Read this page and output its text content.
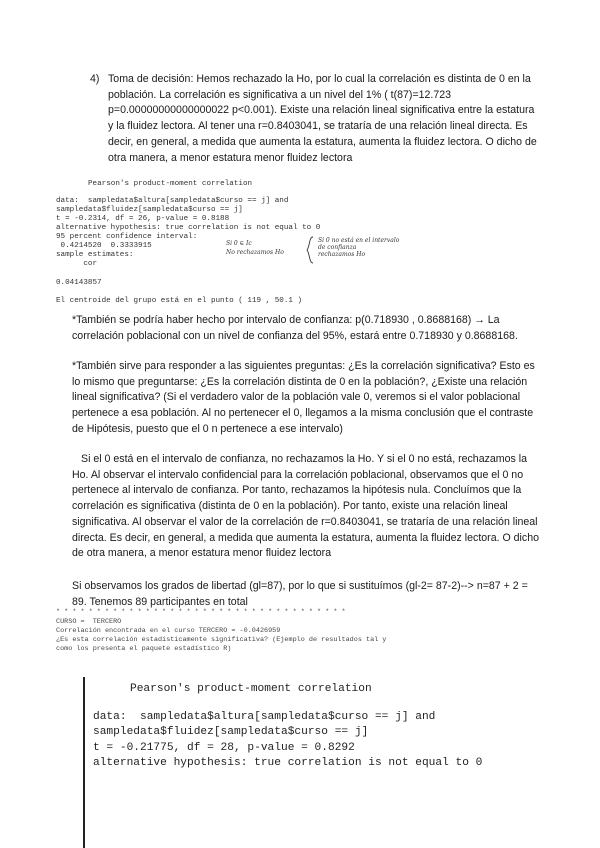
4) Toma de decisión: Hemos rechazado la Ho, por lo cual la correlación es distinta de 0 en la población. La correlación es significativa a un nivel del 1% ( t(87)=12.723 p=0.00000000000000022 p<0.001). Existe una relación lineal significativa entre la estatura y la fluidez lectora. Al tener una r=0.8403041, se trataría de una relación lineal directa. Es decir, en general, a medida que aumenta la estatura, aumenta la fluidez lectora. O dicho de otra manera, a menor estatura menor fluidez lectora
Pearson's product-moment correlation
data:  sampledata$altura[sampledata$curso == j] and
sampledata$fluidez[sampledata$curso == j]
t = -0.2314, df = 26, p-value = 0.8188
alternative hypothesis: true correlation is not equal to 0
95 percent confidence interval:
0.4214520  0.3333915
sample estimates:
cor
0.04143857
El centroide del grupo está en el punto ( 119 , 50.1 )
Si 0 ∈ Ic
No rechazamos Ho
Si 0 no está en el intervalo
de confianza
rechazamos Ho
*También se podría haber hecho por intervalo de confianza: p(0.718930 , 0.8688168) → La correlación poblacional con un nivel de confianza del 95%, estará entre 0.718930 y 0.8688168.
*También sirve para responder a las siguientes preguntas: ¿Es la correlación significativa? Esto es lo mismo que preguntarse: ¿Es la correlación distinta de 0 en la población?, ¿Existe una relación lineal significativa? (Si el verdadero valor de la población vale 0, veremos si el valor poblacional pertenece a esa población. Al no pertenecer el 0, llegamos a la misma conclusión que el contraste de Hipótesis, puesto que el 0 n pertenece a ese intervalo)
Si el 0 está en el intervalo de confianza, no rechazamos la Ho. Y si el 0 no está, rechazamos la Ho. Al observar el intervalo confidencial para la correlación poblacional, observamos que el 0 no pertenece al intervalo de confianza. Por tanto, rechazamos la hipótesis nula. Concluímos que la correlación es significativa (distinta de 0 en la población). Por tanto, existe una relación lineal significativa. Al observar el valor de la correlación de r=0.8403041, se trataría de una relación lineal directa. Es decir, en general, a medida que aumenta la estatura, aumenta la fluidez lectora. O dicho de otra manera, a menor estatura menor fluidez lectora
Si observamos los grados de libertad (gl=87), por lo que si sustituímos (gl-2= 87-2)--> n=87 + 2 = 89. Tenemos 89 participantes en total
* * * * * * * * * * * * * * * * * * * * * * * * * * * * * * * * * * * *
CURSO =  TERCERO
Correlación encontrada en el curso TERCERO = -0.0426959
¿Es esta correlación estadísticamente significativa? (Ejemplo de resultados tal y
como los presenta el paquete estadístico R)
Pearson's product-moment correlation
data:  sampledata$altura[sampledata$curso == j] and
sampledata$fluidez[sampledata$curso == j]
t = -0.21775, df = 28, p-value = 0.8292
alternative hypothesis: true correlation is not equal to 0
